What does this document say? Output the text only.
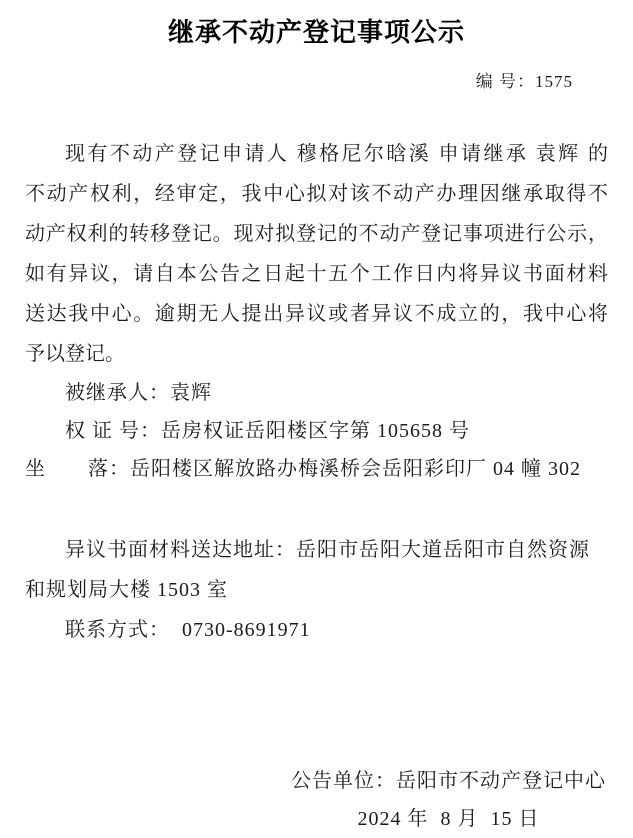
继承不动产登记事项公示
编 号：1575

现有不动产登记申请人 穆格尼尔晗溪 申请继承 袁辉 的

不动产权利，经审定，我中心拟对该不动产办理因继承取得不

动产权利的转移登记。现对拟登记的不动产登记事项进行公示，

如有异议，请自本公告之日起十五个工作日内将异议书面材料

送达我中心。逾期无人提出异议或者异议不成立的，我中心将

予以登记。

被继承人：袁辉
权 证 号：岳房权证岳阳楼区字第 105658 号
坐　　落：岳阳楼区解放路办梅溪桥会岳阳彩印厂 04 幢 302
异议书面材料送达地址：岳阳市岳阳大道岳阳市自然资源
和规划局大楼 1503 室
联系方式：  0730-8691971
公告单位：岳阳市不动产登记中心
2024 年  8 月  15 日
